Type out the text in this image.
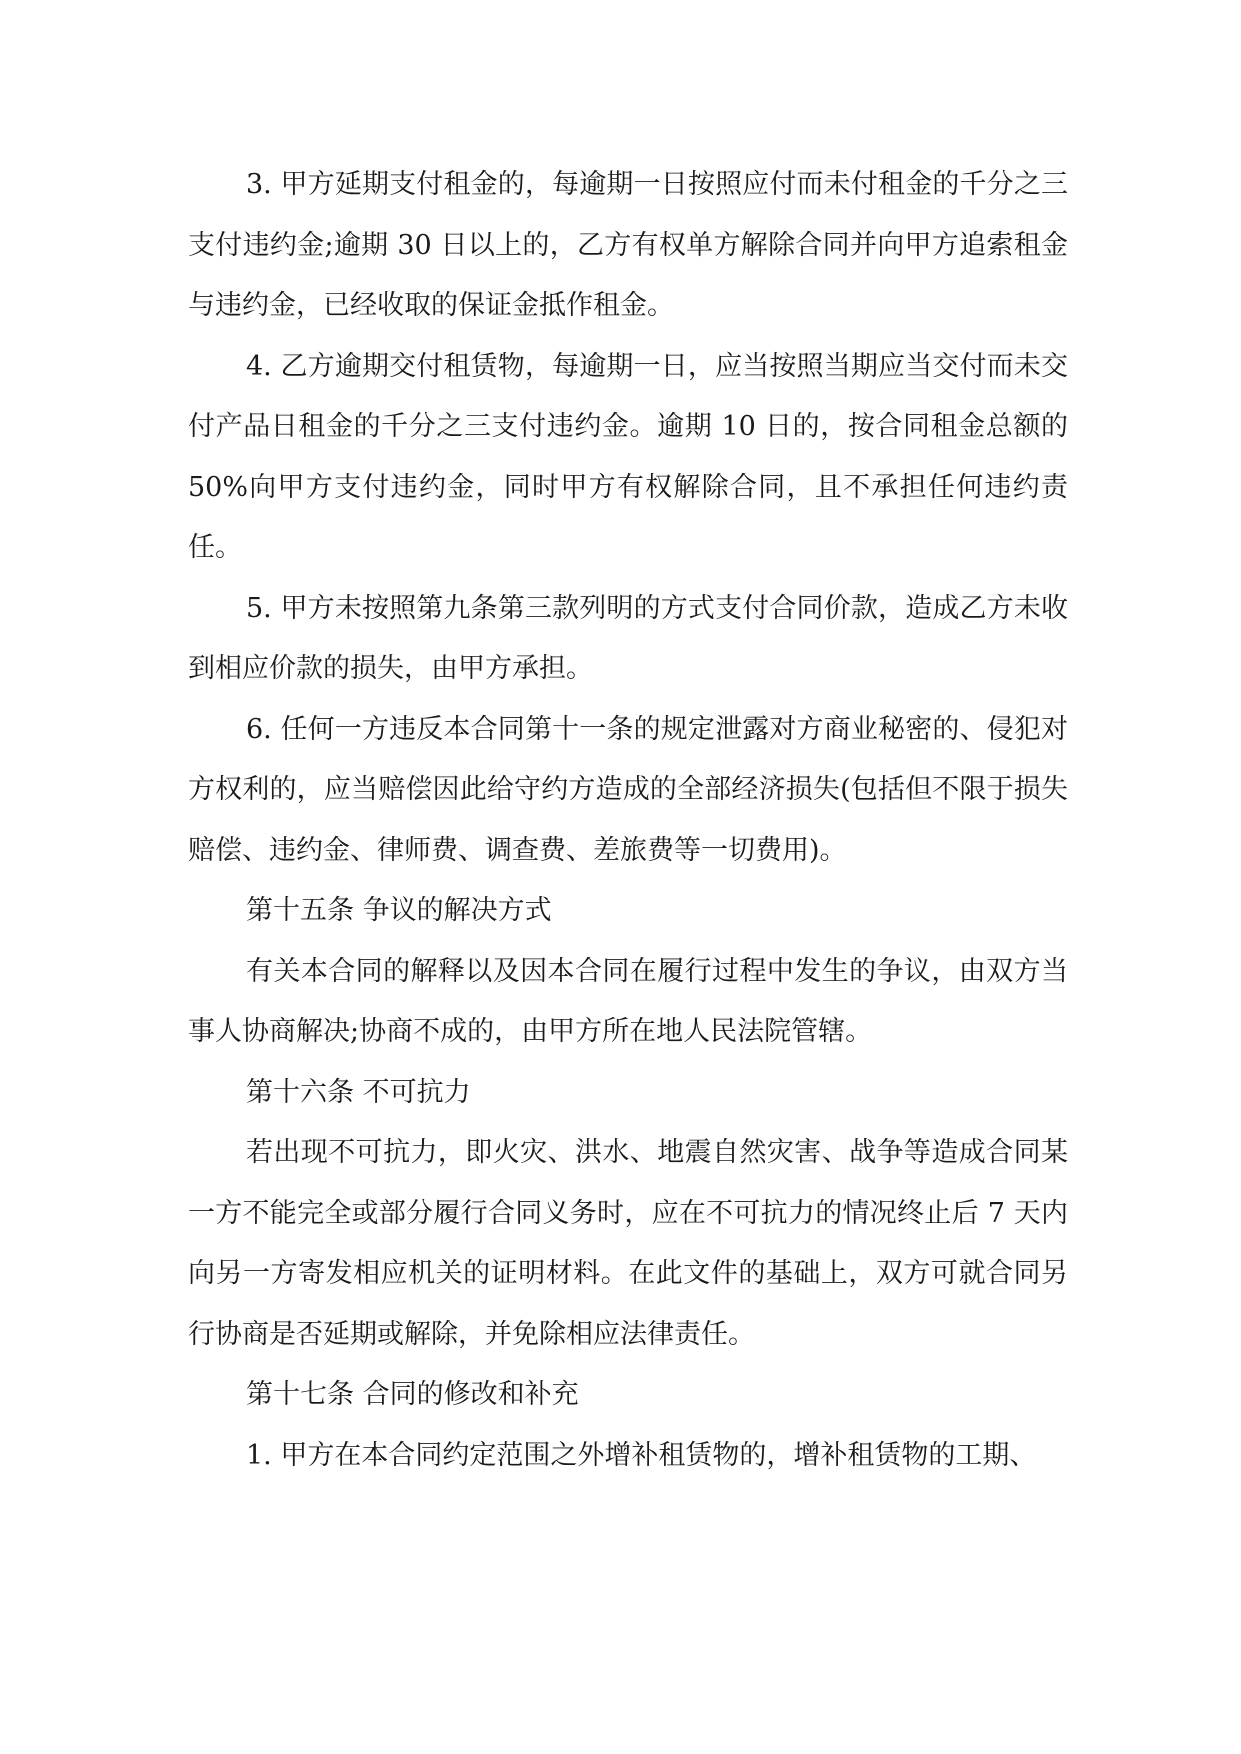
3. 甲方延期支付租金的，每逾期一日按照应付而未付租金的千分之三支付违约金;逾期 30 日以上的，乙方有权单方解除合同并向甲方追索租金与违约金，已经收取的保证金抵作租金。

4. 乙方逾期交付租赁物，每逾期一日，应当按照当期应当交付而未交付产品日租金的千分之三支付违约金。逾期 10 日的，按合同租金总额的 50%向甲方支付违约金，同时甲方有权解除合同，且不承担任何违约责任。

5. 甲方未按照第九条第三款列明的方式支付合同价款，造成乙方未收到相应价款的损失，由甲方承担。

6. 任何一方违反本合同第十一条的规定泄露对方商业秘密的、侵犯对方权利的，应当赔偿因此给守约方造成的全部经济损失(包括但不限于损失赔偿、违约金、律师费、调查费、差旅费等一切费用)。

第十五条 争议的解决方式

有关本合同的解释以及因本合同在履行过程中发生的争议，由双方当事人协商解决;协商不成的，由甲方所在地人民法院管辖。

第十六条 不可抗力

若出现不可抗力，即火灾、洪水、地震自然灾害、战争等造成合同某一方不能完全或部分履行合同义务时，应在不可抗力的情况终止后 7 天内向另一方寄发相应机关的证明材料。在此文件的基础上，双方可就合同另行协商是否延期或解除，并免除相应法律责任。

第十七条 合同的修改和补充

1. 甲方在本合同约定范围之外增补租赁物的，增补租赁物的工期、
